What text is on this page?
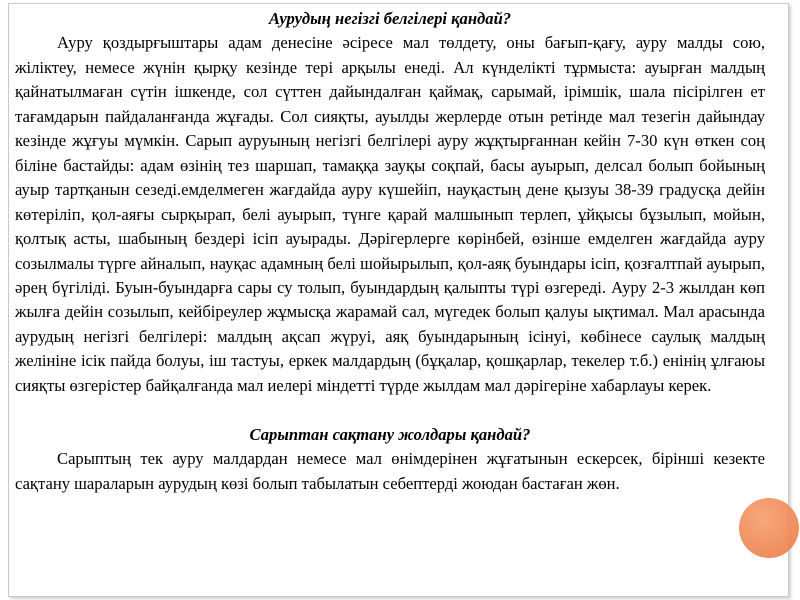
Аурудың негізгі белгілері қандай?

Ауру қоздырғыштары адам денесіне әсіресе мал төлдету, оны бағып-қағу, ауру малды сою, жіліктеу, немесе жүнін қырқу кезінде тері арқылы енеді. Ал күнделікті тұрмыста: ауырған малдың қайнатылмаған сүтін ішкенде, сол сүттен дайындалған қаймақ, сарымай, ірімшік, шала пісірілген ет тағамдарын пайдаланғанда жұғады. Сол сияқты, ауылды жерлерде отын ретінде мал тезегін дайындау кезінде жұғуы мүмкін. Сарып ауруының негізгі белгілері ауру жұқтырғаннан кейін 7-30 күн өткен соң біліне бастайды: адам өзінің тез шаршап, тамаққа зауқы соқпай, басы ауырып, делсал болып бойының ауыр тартқанын сезеді.емделмеген жағдайда ауру күшейіп, науқастың дене қызуы 38-39 градусқа дейін көтеріліп, қол-аяғы сырқырап, белі ауырып, түнге қарай малшынып терлеп, ұйқысы бұзылып, мойын, қолтық асты, шабының бездері ісіп ауырады. Дәрігерлерге көрінбей, өзінше емделген жағдайда ауру созылмалы түрге айналып, науқас адамның белі шойырылып, қол-аяқ буындары ісіп, қозғалтпай ауырып, әрең бүгіліді. Буын-буындарға сары су толып, буындардың қалыпты түрі өзгереді. Ауру 2-3 жылдан көп жылға дейін созылып, кейбіреулер жұмысқа жарамай сал, мүгедек болып қалуы ықтимал. Мал арасында аурудың негізгі белгілері: малдың ақсап жүруі, аяқ буындарының ісінуі, көбінесе саулық малдың желініне ісік пайда болуы, іш тастуы, еркек малдардың (бұқалар, қошқарлар, текелер т.б.) енінің ұлғаюы сияқты өзгерістер байқалғанда мал иелері міндетті түрде жылдам мал дәрігеріне хабарлауы керек.

Сарыптан сақтану жолдары қандай?

Сарыптың тек ауру малдардан немесе мал өнімдерінен жұғатынын ескерсек, бірінші кезекте сақтану шараларын аурудың көзі болып табылатын себептерді жоюдан бастаған жөн.
